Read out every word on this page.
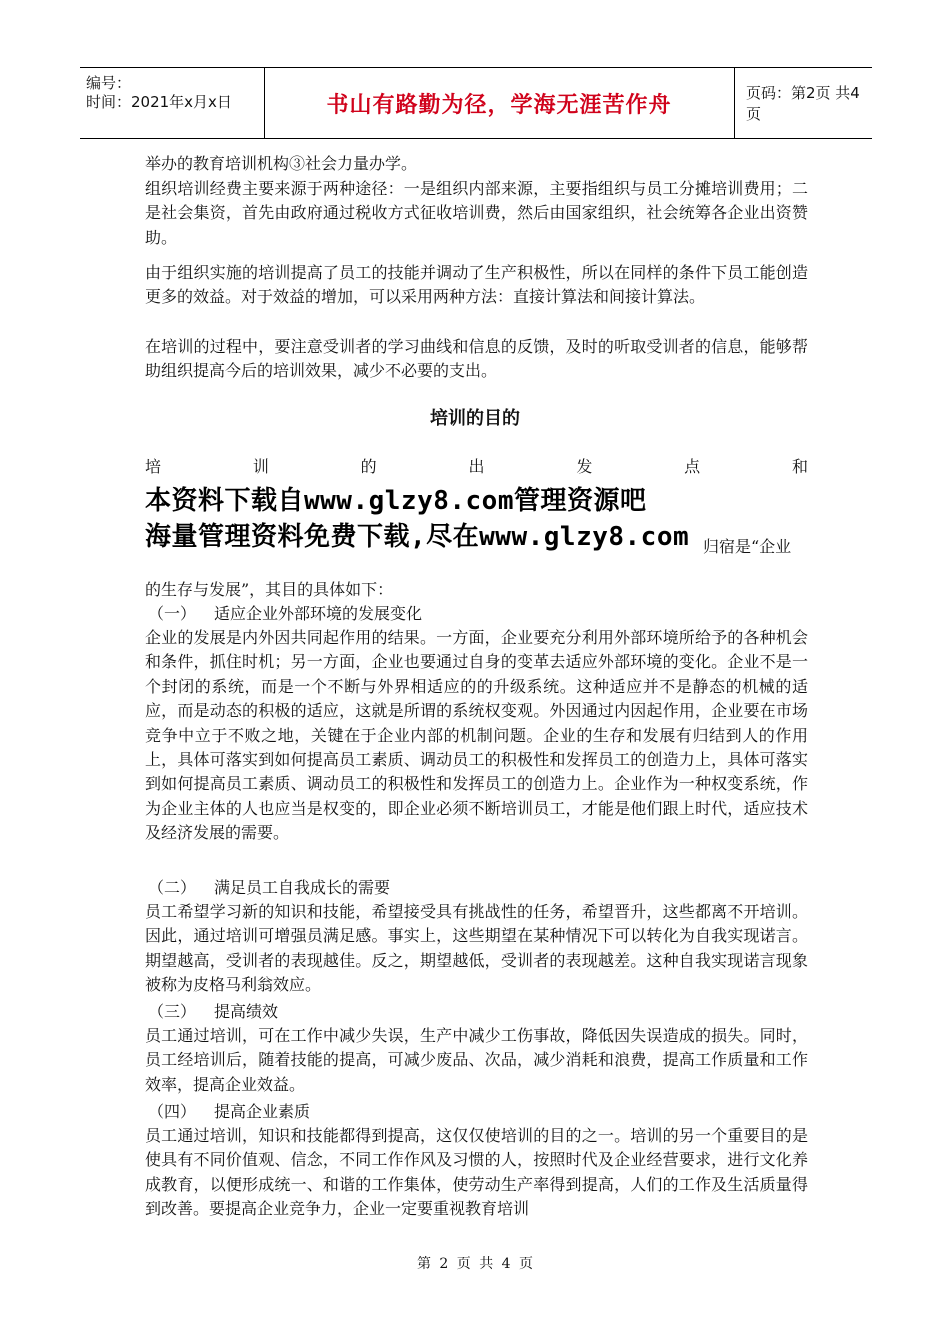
编号：
时间：2021年x月x日	书山有路勤为径，学海无涯苦作舟	页码：第2页 共4页

举办的教育培训机构③社会力量办学。

组织培训经费主要来源于两种途径：一是组织内部来源，主要指组织与员工分摊培训费用；二是社会集资，首先由政府通过税收方式征收培训费，然后由国家组织，社会统筹各企业出资赞助。

由于组织实施的培训提高了员工的技能并调动了生产积极性，所以在同样的条件下员工能创造更多的效益。对于效益的增加，可以采用两种方法：直接计算法和间接计算法。

在培训的过程中，要注意受训者的学习曲线和信息的反馈，及时的听取受训者的信息，能够帮助组织提高今后的培训效果，减少不必要的支出。

培训的目的
培	训	的	出	发	点	和
本资料下载自www.glzy8.com管理资源吧
海量管理资料免费下载,尽在www.glzy8.com 归宿是“企业

的生存与发展”，其目的具体如下：

（一） 适应企业外部环境的发展变化

企业的发展是内外因共同起作用的结果。一方面，企业要充分利用外部环境所给予的各种机会和条件，抓住时机；另一方面，企业也要通过自身的变革去适应外部环境的变化。企业不是一个封闭的系统，而是一个不断与外界相适应的的升级系统。这种适应并不是静态的机械的适应，而是动态的积极的适应，这就是所谓的系统权变观。外因通过内因起作用，企业要在市场竞争中立于不败之地，关键在于企业内部的机制问题。企业的生存和发展有归结到人的作用上，具体可落实到如何提高员工素质、调动员工的积极性和发挥员工的创造力上，具体可落实到如何提高员工素质、调动员工的积极性和发挥员工的创造力上。企业作为一种权变系统，作为企业主体的人也应当是权变的，即企业必须不断培训员工，才能是他们跟上时代，适应技术及经济发展的需要。

（二） 满足员工自我成长的需要

员工希望学习新的知识和技能，希望接受具有挑战性的任务，希望晋升，这些都离不开培训。因此，通过培训可增强员满足感。事实上，这些期望在某种情况下可以转化为自我实现诺言。期望越高，受训者的表现越佳。反之，期望越低，受训者的表现越差。这种自我实现诺言现象被称为皮格马利翁效应。

（三） 提高绩效

员工通过培训，可在工作中减少失误，生产中减少工伤事故，降低因失误造成的损失。同时，员工经培训后，随着技能的提高，可减少废品、次品，减少消耗和浪费，提高工作质量和工作效率，提高企业效益。

（四） 提高企业素质

员工通过培训，知识和技能都得到提高，这仅仅使培训的目的之一。培训的另一个重要目的是使具有不同价值观、信念，不同工作作风及习惯的人，按照时代及企业经营要求，进行文化养成教育，以便形成统一、和谐的工作集体，使劳动生产率得到提高，人们的工作及生活质量得到改善。要提高企业竞争力，企业一定要重视教育培训

第 2 页 共 4 页
